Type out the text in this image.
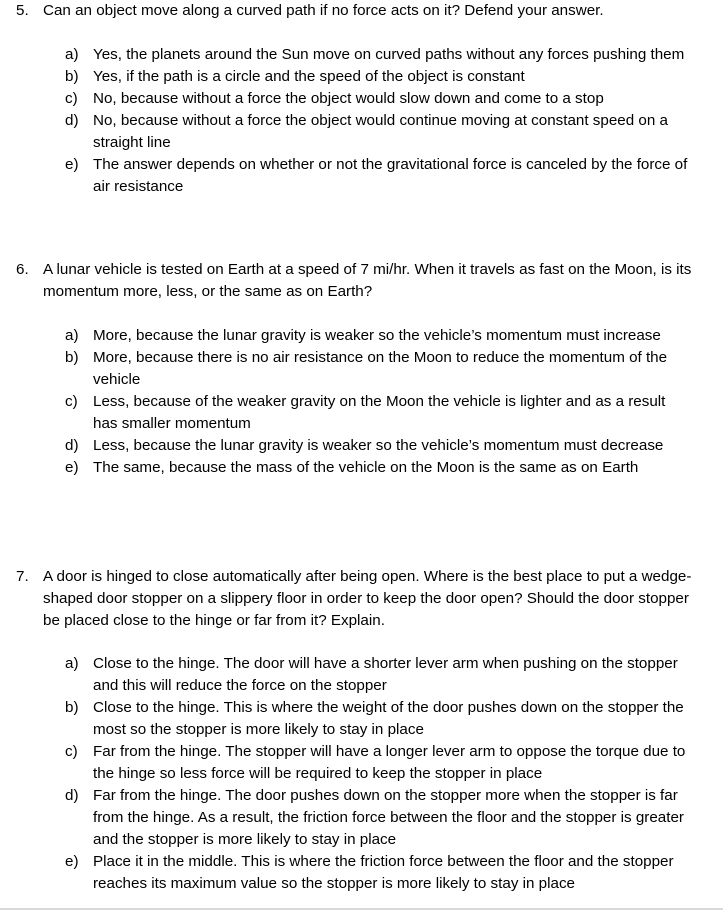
5. Can an object move along a curved path if no force acts on it? Defend your answer.
a) Yes, the planets around the Sun move on curved paths without any forces pushing them
b) Yes, if the path is a circle and the speed of the object is constant
c)	No, because without a force the object would slow down and come to a stop
d) No, because without a force the object would continue moving at constant speed on a straight line
e) The answer depends on whether or not the gravitational force is canceled by the force of air resistance
6. A lunar vehicle is tested on Earth at a speed of 7 mi/hr. When it travels as fast on the Moon, is its momentum more, less, or the same as on Earth?
a) More, because the lunar gravity is weaker so the vehicle’s momentum must increase
b) More, because there is no air resistance on the Moon to reduce the momentum of the vehicle
c)	Less, because of the weaker gravity on the Moon the vehicle is lighter and as a result has smaller momentum
d) Less, because the lunar gravity is weaker so the vehicle’s momentum must decrease
e) The same, because the mass of the vehicle on the Moon is the same as on Earth
7. A door is hinged to close automatically after being open. Where is the best place to put a wedge-shaped door stopper on a slippery floor in order to keep the door open? Should the door stopper be placed close to the hinge or far from it? Explain.
a) Close to the hinge. The door will have a shorter lever arm when pushing on the stopper and this will reduce the force on the stopper
b) Close to the hinge. This is where the weight of the door pushes down on the stopper the most so the stopper is more likely to stay in place
c)	Far from the hinge. The stopper will have a longer lever arm to oppose the torque due to the hinge so less force will be required to keep the stopper in place
d) Far from the hinge. The door pushes down on the stopper more when the stopper is far from the hinge. As a result, the friction force between the floor and the stopper is greater and the stopper is more likely to stay in place
e) Place it in the middle. This is where the friction force between the floor and the stopper reaches its maximum value so the stopper is more likely to stay in place
